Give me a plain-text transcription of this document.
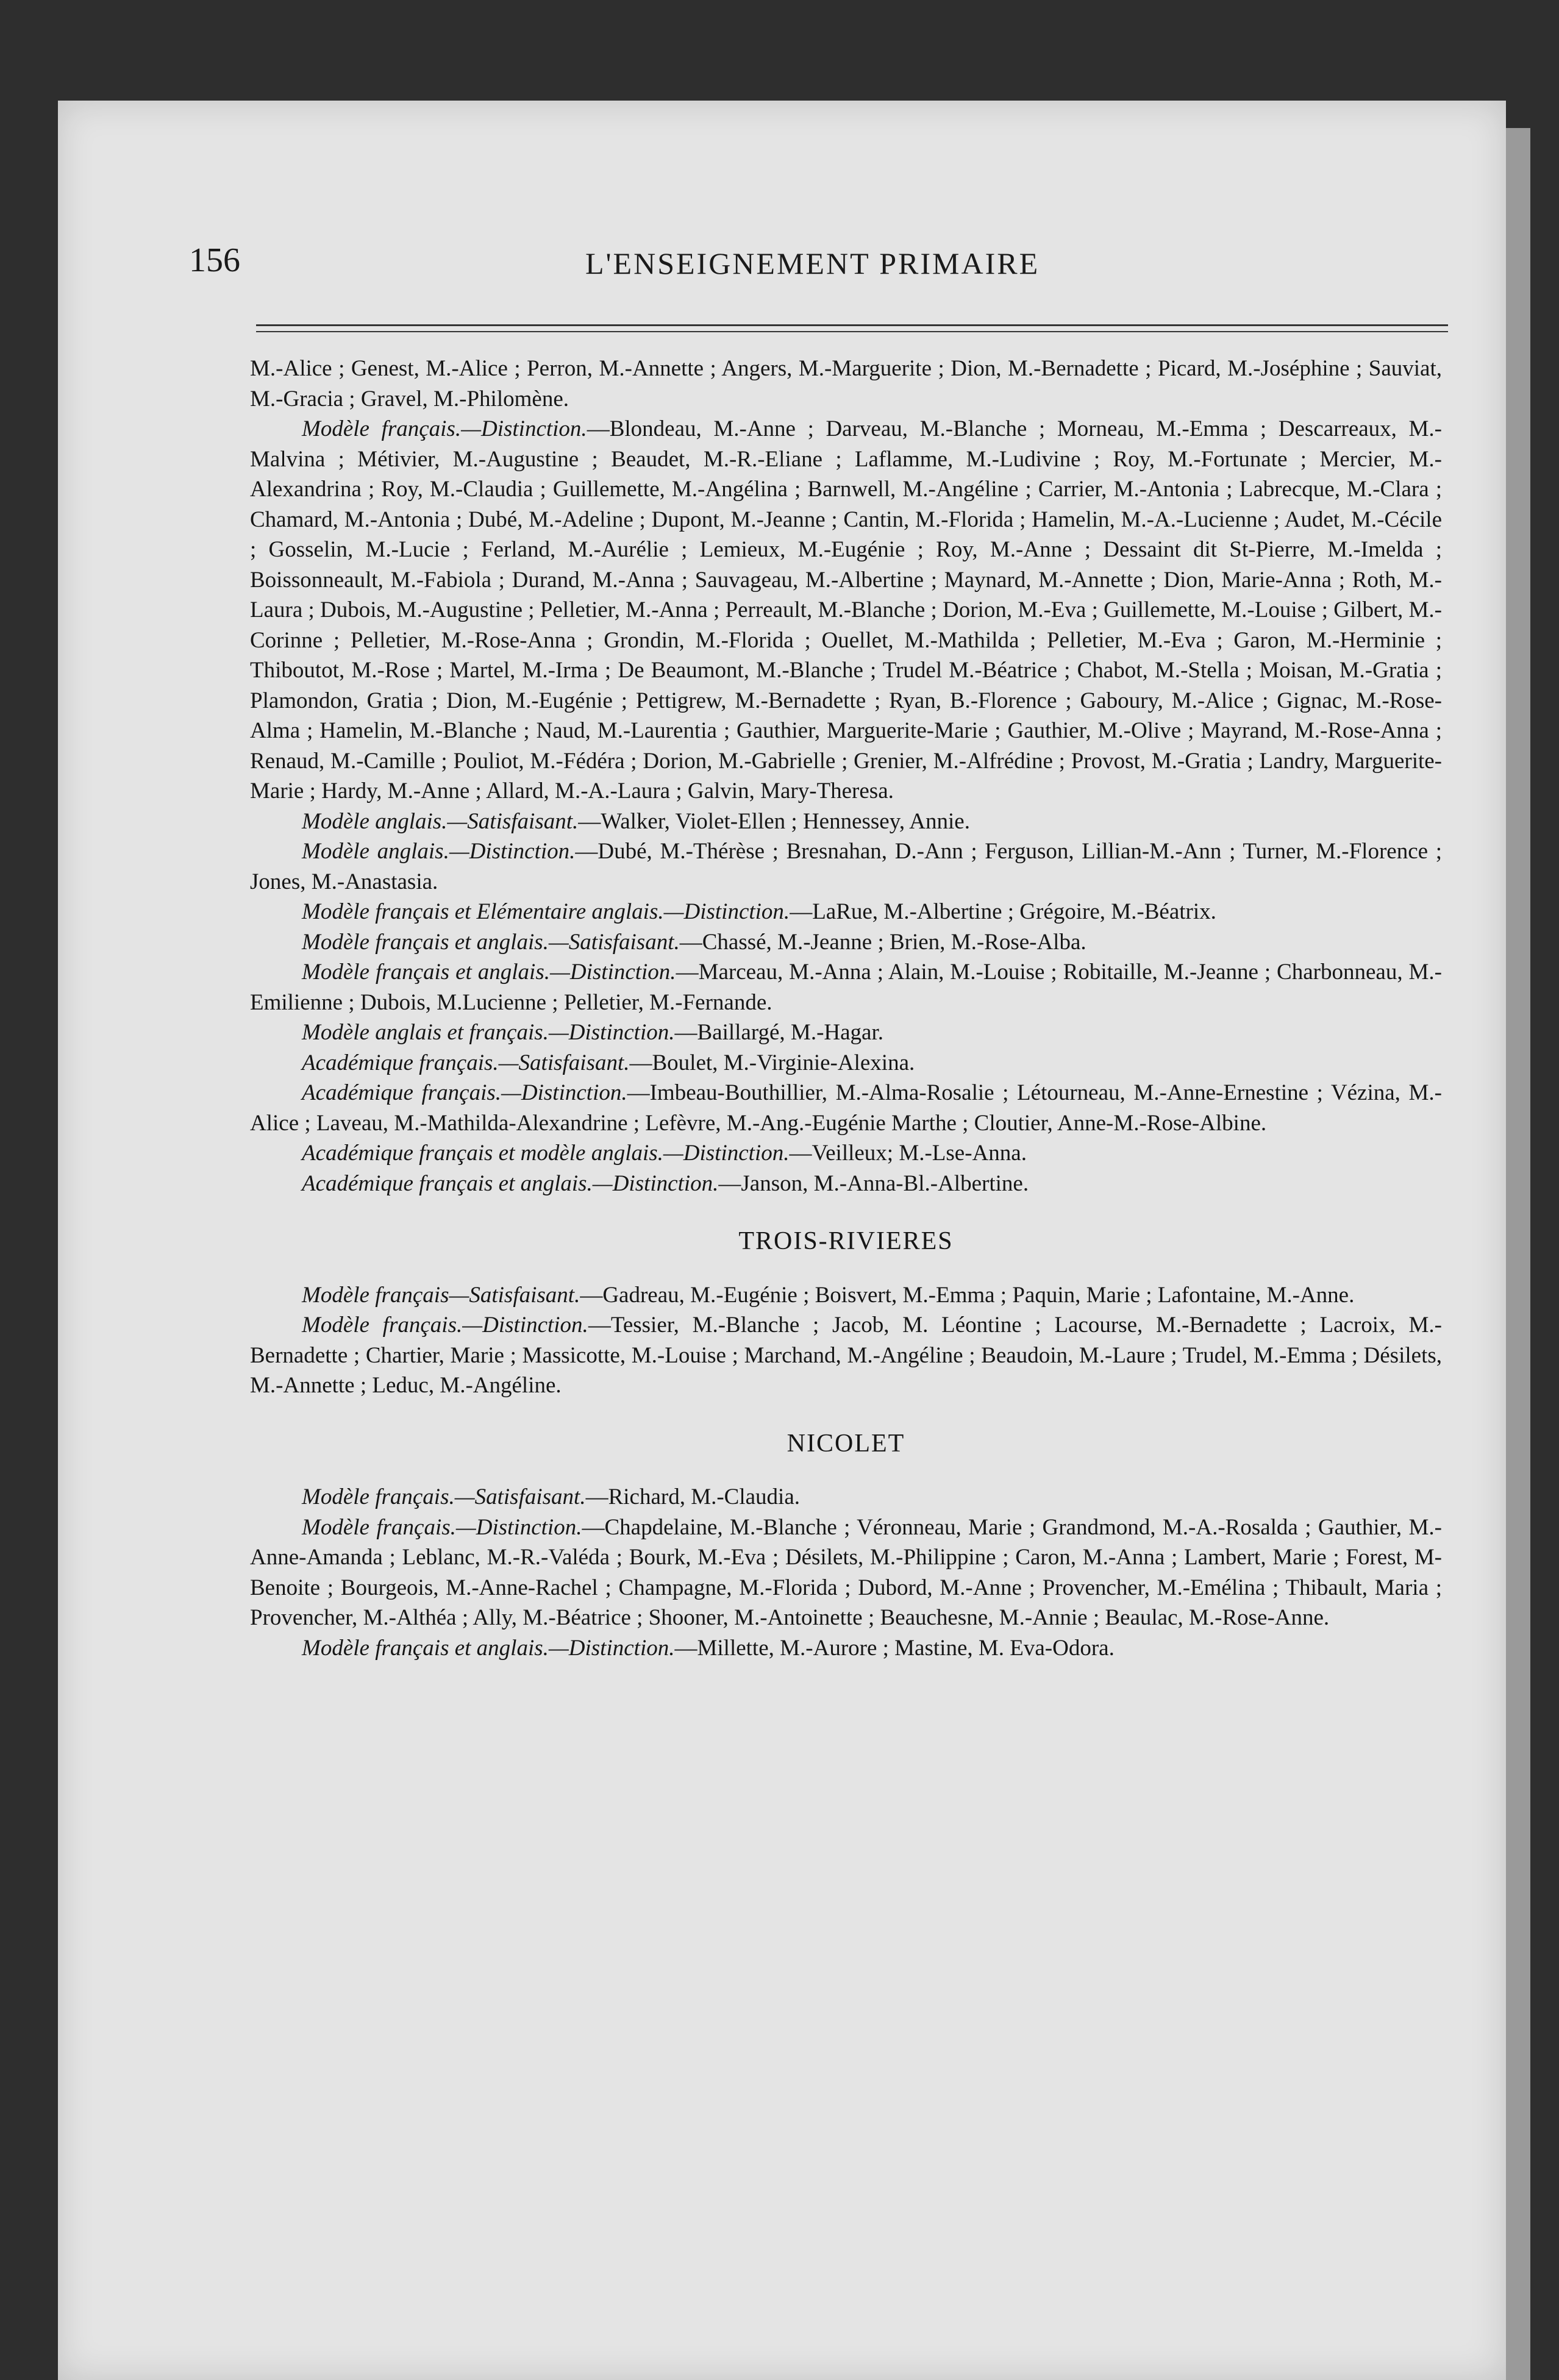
156	L'ENSEIGNEMENT PRIMAIRE

M.-Alice ; Genest, M.-Alice ; Perron, M.-Annette ; Angers, M.-Marguerite ; Dion, M.-Bernadette ; Picard, M.-Joséphine ; Sauviat, M.-Gracia ; Gravel, M.-Philomène.

Modèle français.—Distinction.—Blondeau, M.-Anne ; Darveau, M.-Blanche ; Morneau, M.-Emma ; Descarreaux, M.-Malvina ; Métivier, M.-Augustine ; Beaudet, M.-R.-Eliane ; Laflamme, M.-Ludivine ; Roy, M.-Fortunate ; Mercier, M.-Alexandrina ; Roy, M.-Claudia ; Guillemette, M.-Angélina ; Barnwell, M.-Angéline ; Carrier, M.-Antonia ; Labrecque, M.-Clara ; Chamard, M.-Antonia ; Dubé, M.-Adeline ; Dupont, M.-Jeanne ; Cantin, M.-Florida ; Hamelin, M.-A.-Lucienne ; Audet, M.-Cécile ; Gosselin, M.-Lucie ; Ferland, M.-Aurélie ; Lemieux, M.-Eugénie ; Roy, M.-Anne ; Dessaint dit St-Pierre, M.-Imelda ; Boissonneault, M.-Fabiola ; Durand, M.-Anna ; Sauvageau, M.-Albertine ; Maynard, M.-Annette ; Dion, Marie-Anna ; Roth, M.-Laura ; Dubois, M.-Augustine ; Pelletier, M.-Anna ; Perreault, M.-Blanche ; Dorion, M.-Eva ; Guillemette, M.-Louise ; Gilbert, M.-Corinne ; Pelletier, M.-Rose-Anna ; Grondin, M.-Florida ; Ouellet, M.-Mathilda ; Pelletier, M.-Eva ; Garon, M.-Herminie ; Thiboutot, M.-Rose ; Martel, M.-Irma ; De Beaumont, M.-Blanche ; Trudel M.-Béatrice ; Chabot, M.-Stella ; Moisan, M.-Gratia ; Plamondon, Gratia ; Dion, M.-Eugénie ; Pettigrew, M.-Bernadette ; Ryan, B.-Florence ; Gaboury, M.-Alice ; Gignac, M.-Rose-Alma ; Hamelin, M.-Blanche ; Naud, M.-Laurentia ; Gauthier, Marguerite-Marie ; Gauthier, M.-Olive ; Mayrand, M.-Rose-Anna ; Renaud, M.-Camille ; Pouliot, M.-Fédéra ; Dorion, M.-Gabrielle ; Grenier, M.-Alfrédine ; Provost, M.-Gratia ; Landry, Marguerite-Marie ; Hardy, M.-Anne ; Allard, M.-A.-Laura ; Galvin, Mary-Theresa.

Modèle anglais.—Satisfaisant.—Walker, Violet-Ellen ; Hennessey, Annie.

Modèle anglais.—Distinction.—Dubé, M.-Thérèse ; Bresnahan, D.-Ann ; Ferguson, Lillian-M.-Ann ; Turner, M.-Florence ; Jones, M.-Anastasia.

Modèle français et Elémentaire anglais.—Distinction.—LaRue, M.-Albertine ; Grégoire, M.-Béatrix.

Modèle français et anglais.—Satisfaisant.—Chassé, M.-Jeanne ; Brien, M.-Rose-Alba.

Modèle français et anglais.—Distinction.—Marceau, M.-Anna ; Alain, M.-Louise ; Robitaille, M.-Jeanne ; Charbonneau, M.-Emilienne ; Dubois, M.Lucienne ; Pelletier, M.-Fernande.

Modèle anglais et français.—Distinction.—Baillargé, M.-Hagar.

Académique français.—Satisfaisant.—Boulet, M.-Virginie-Alexina.

Académique français.—Distinction.—Imbeau-Bouthillier, M.-Alma-Rosalie ; Létourneau, M.-Anne-Ernestine ; Vézina, M.-Alice ; Laveau, M.-Mathilda-Alexandrine ; Lefèvre, M.-Ang.-Eugénie Marthe ; Cloutier, Anne-M.-Rose-Albine.

Académique français et modèle anglais.—Distinction.—Veilleux; M.-Lse-Anna.

Académique français et anglais.—Distinction.—Janson, M.-Anna-Bl.-Albertine.

TROIS-RIVIERES

Modèle français—Satisfaisant.—Gadreau, M.-Eugénie ; Boisvert, M.-Emma ; Paquin, Marie ; Lafontaine, M.-Anne.

Modèle français.—Distinction.—Tessier, M.-Blanche ; Jacob, M. Léontine ; Lacourse, M.-Bernadette ; Lacroix, M.-Bernadette ; Chartier, Marie ; Massicotte, M.-Louise ; Marchand, M.-Angéline ; Beaudoin, M.-Laure ; Trudel, M.-Emma ; Désilets, M.-Annette ; Leduc, M.-Angéline.

NICOLET

Modèle français.—Satisfaisant.—Richard, M.-Claudia.

Modèle français.—Distinction.—Chapdelaine, M.-Blanche ; Véronneau, Marie ; Grandmond, M.-A.-Rosalda ; Gauthier, M.-Anne-Amanda ; Leblanc, M.-R.-Valéda ; Bourk, M.-Eva ; Désilets, M.-Philippine ; Caron, M.-Anna ; Lambert, Marie ; Forest, M-Benoite ; Bourgeois, M.-Anne-Rachel ; Champagne, M.-Florida ; Dubord, M.-Anne ; Provencher, M.-Emélina ; Thibault, Maria ; Provencher, M.-Althéa ; Ally, M.-Béatrice ; Shooner, M.-Antoinette ; Beauchesne, M.-Annie ; Beaulac, M.-Rose-Anne.

Modèle français et anglais.—Distinction.—Millette, M.-Aurore ; Mastine, M. Eva-Odora.
